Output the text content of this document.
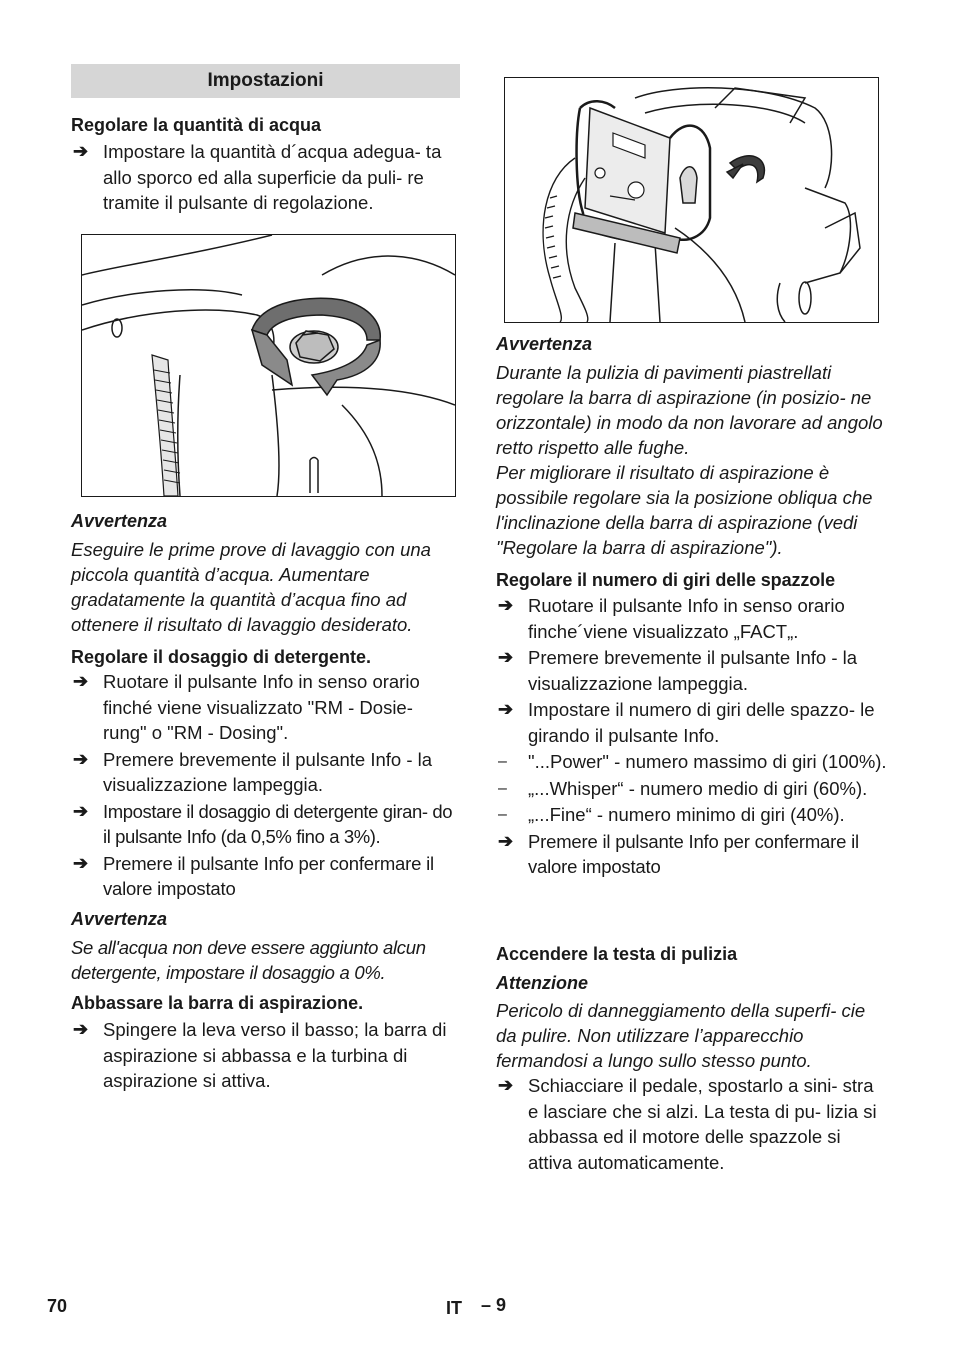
Impostazioni
Regolare la quantità di acqua
➔ Impostare la quantità d´acqua adegua- ta allo sporco ed alla superficie da puli- re tramite il pulsante di regolazione.
Avvertenza
Eseguire le prime prove di lavaggio con una piccola quantità d’acqua. Aumentare gradatamente la quantità d’acqua fino ad ottenere il risultato di lavaggio desiderato.
Regolare il dosaggio di detergente.
➔ Ruotare il pulsante Info in senso orario finché viene visualizzato "RM - Dosie- rung" o "RM - Dosing".
➔ Premere brevemente il pulsante Info - la visualizzazione lampeggia.
➔ Impostare il dosaggio di detergente giran- do il pulsante Info (da 0,5% fino a 3%).
➔ Premere il pulsante Info per confermare il valore impostato
Avvertenza
Se all'acqua non deve essere aggiunto alcun detergente, impostare il dosaggio a 0%.
Abbassare la barra di aspirazione.
➔ Spingere la leva verso il basso; la barra di aspirazione si abbassa e la turbina di aspirazione si attiva.
Avvertenza
Durante la pulizia di pavimenti piastrellati regolare la barra di aspirazione (in posizio- ne orizzontale) in modo da non lavorare ad angolo retto rispetto alle fughe.
Per migliorare il risultato di aspirazione è possibile regolare sia la posizione obliqua che l'inclinazione della barra di aspirazione (vedi "Regolare la barra di aspirazione").
Regolare il numero di giri delle spazzole
➔ Ruotare il pulsante Info in senso orario finche´viene visualizzato „FACT„.
➔ Premere brevemente il pulsante Info - la visualizzazione lampeggia.
➔ Impostare il numero di giri delle spazzo- le girando il pulsante Info.
– "...Power" - numero massimo di giri (100%).
– „...Whisper“ - numero medio di giri (60%).
– „...Fine“ - numero minimo di giri (40%).
➔ Premere il pulsante Info per confermare il valore impostato
Accendere la testa di pulizia
Attenzione
Pericolo di danneggiamento della superfi- cie da pulire. Non utilizzare l’apparecchio fermandosi a lungo sullo stesso punto.
➔ Schiacciare il pedale, spostarlo a sini- stra e lasciare che si alzi. La testa di pu- lizia si abbassa ed il motore delle spazzole si attiva automaticamente.
70	IT – 9
